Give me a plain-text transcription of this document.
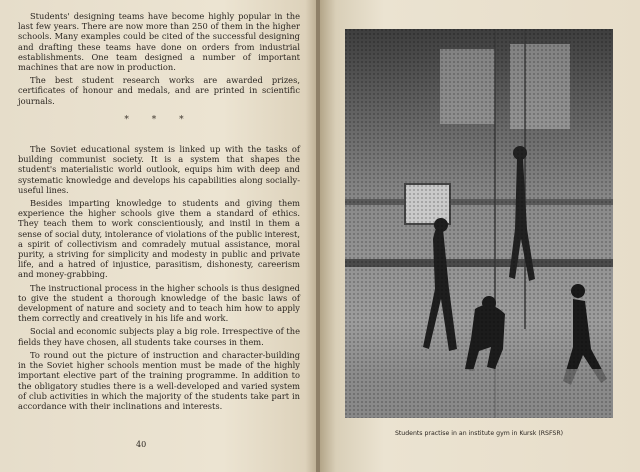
Students' designing teams have become highly popular in the last few years. There are now more than 250 of them in the higher schools. Many examples could be cited of the successful designing and drafting these teams have done on orders from industrial establishments. One team designed a number of important machines that are now in production.

The best student research works are awarded prizes, certificates of honour and medals, and are printed in scientific journals.

* * *

The Soviet educational system is linked up with the tasks of building communist society. It is a system that shapes the student's materialistic world outlook, equips him with deep and systematic knowledge and develops his capabilities along socially-useful lines.

Besides imparting knowledge to students and giving them experience the higher schools give them a standard of ethics. They teach them to work conscientiously, and instil in them a sense of social duty, intolerance of violations of the public interest, a spirit of collectivism and comradely mutual assistance, moral purity, a striving for simplicity and modesty in public and private life, and a hatred of injustice, parasitism, dishonesty, careerism and money-grabbing.

The instructional process in the higher schools is thus designed to give the student a thorough knowledge of the basic laws of development of nature and society and to teach him how to apply them correctly and creatively in his life and work.

Social and economic subjects play a big role. Irrespective of the fields they have chosen, all students take courses in them.

To round out the picture of instruction and character-building in the Soviet higher schools mention must be made of the highly important elective part of the training programme. In addition to the obligatory studies there is a well-developed and varied system of club activities in which the majority of the students take part in accordance with their inclinations and interests.

40
Students practise in an institute gym in Kursk (RSFSR)
